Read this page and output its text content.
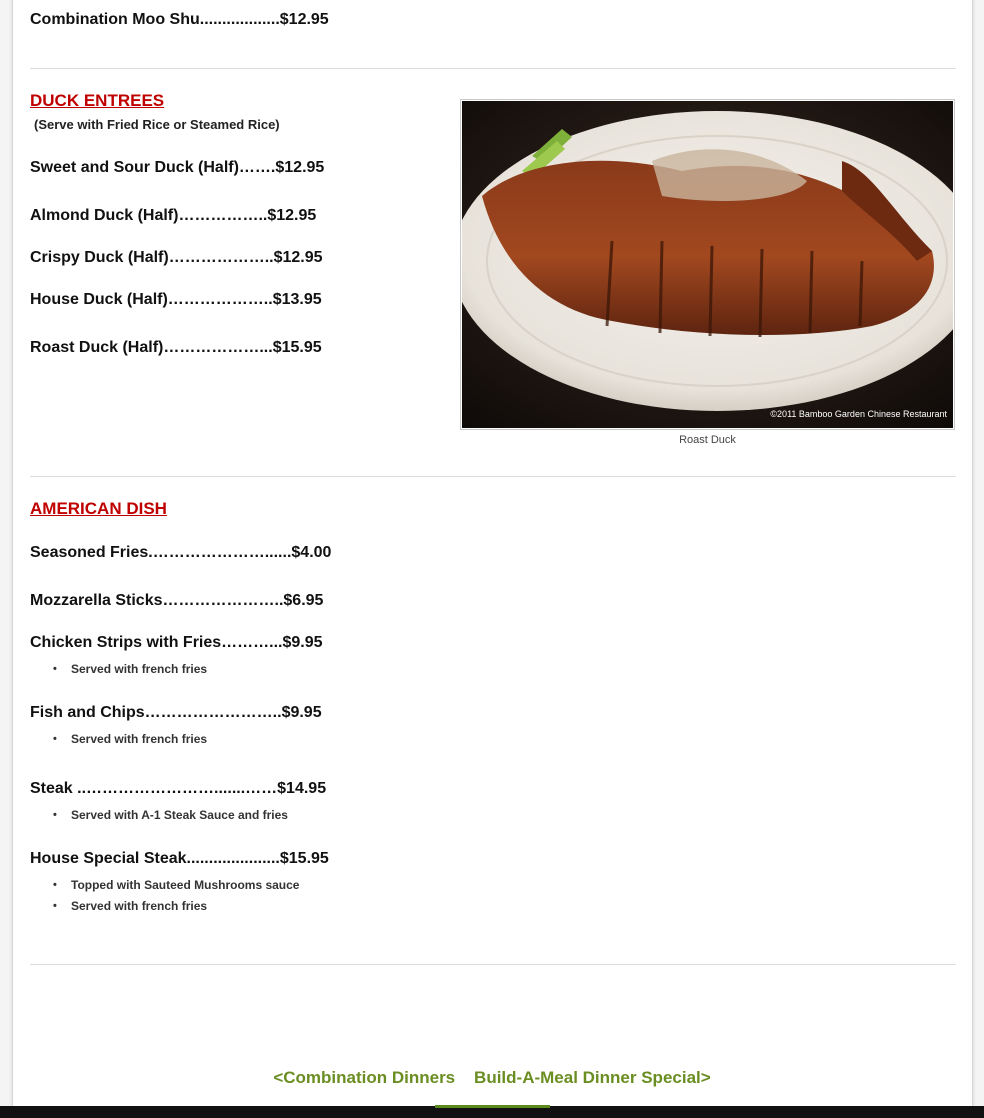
Combination Moo Shu..................$12.95
DUCK ENTREES
(Serve with Fried Rice or Steamed Rice)
Sweet and Sour Duck (Half)…….$12.95
Almond Duck (Half)……………..$12.95
Crispy Duck (Half)………………..$12.95
House Duck (Half)………………..$13.95
Roast Duck (Half)………………...$15.95
©2011 Bamboo Garden Chinese Restaurant
Roast Duck
AMERICAN DISH
Seasoned Fries.…………………......$4.00
Mozzarella Sticks…………………..$6.95
Chicken Strips with Fries………...$9.95
• Served with french fries
Fish and Chips……………………..$9.95
• Served with french fries
Steak ..…………………….......……$14.95
• Served with A-1 Steak Sauce and fries
House Special Steak.....................$15.95
• Topped with Sauteed Mushrooms sauce
• Served with french fries
<Combination Dinners Build-A-Meal Dinner Special>
